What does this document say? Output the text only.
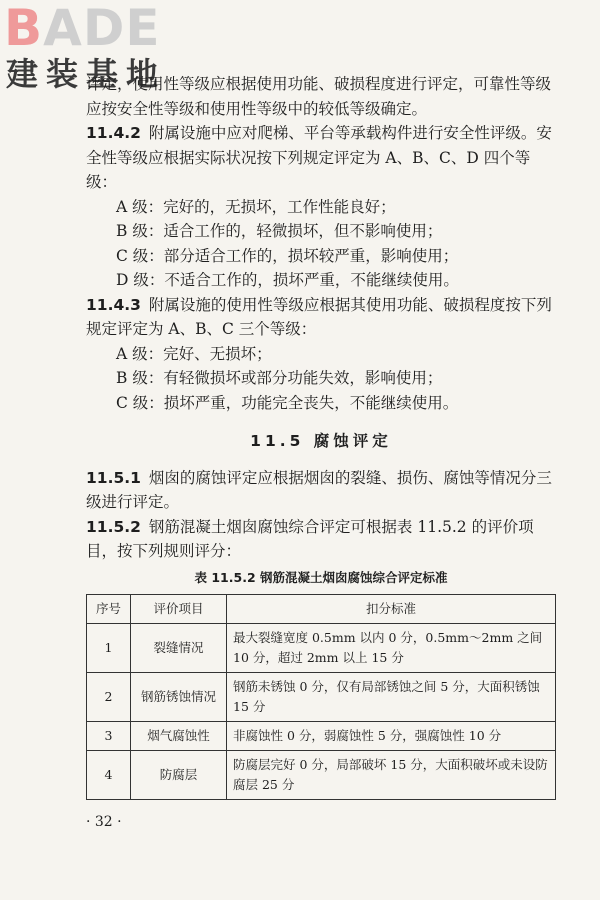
BADE
建装基地

评定，使用性等级应根据使用功能、破损程度进行评定，可靠性等级应按安全性等级和使用性等级中的较低等级确定。

11.4.2 附属设施中应对爬梯、平台等承载构件进行安全性评级。安全性等级应根据实际状况按下列规定评定为 A、B、C、D 四个等级：

A 级：完好的，无损坏，工作性能良好；

B 级：适合工作的，轻微损坏，但不影响使用；

C 级：部分适合工作的，损坏较严重，影响使用；

D 级：不适合工作的，损坏严重，不能继续使用。

11.4.3 附属设施的使用性等级应根据其使用功能、破损程度按下列规定评定为 A、B、C 三个等级：

A 级：完好、无损坏；

B 级：有轻微损坏或部分功能失效，影响使用；

C 级：损坏严重，功能完全丧失，不能继续使用。

11.5 腐蚀评定

11.5.1 烟囱的腐蚀评定应根据烟囱的裂缝、损伤、腐蚀等情况分三级进行评定。

11.5.2 钢筋混凝土烟囱腐蚀综合评定可根据表 11.5.2 的评价项目，按下列规则评分：

表 11.5.2 钢筋混凝土烟囱腐蚀综合评定标准
序号	评价项目	扣分标准
1	裂缝情况	最大裂缝宽度 0.5mm 以内 0 分，0.5mm～2mm 之间 10 分，超过 2mm 以上 15 分
2	钢筋锈蚀情况	钢筋未锈蚀 0 分，仅有局部锈蚀之间 5 分，大面积锈蚀 15 分
3	烟气腐蚀性	非腐蚀性 0 分，弱腐蚀性 5 分，强腐蚀性 10 分
4	防腐层	防腐层完好 0 分，局部破坏 15 分，大面积破坏或未设防腐层 25 分
· 32 ·
